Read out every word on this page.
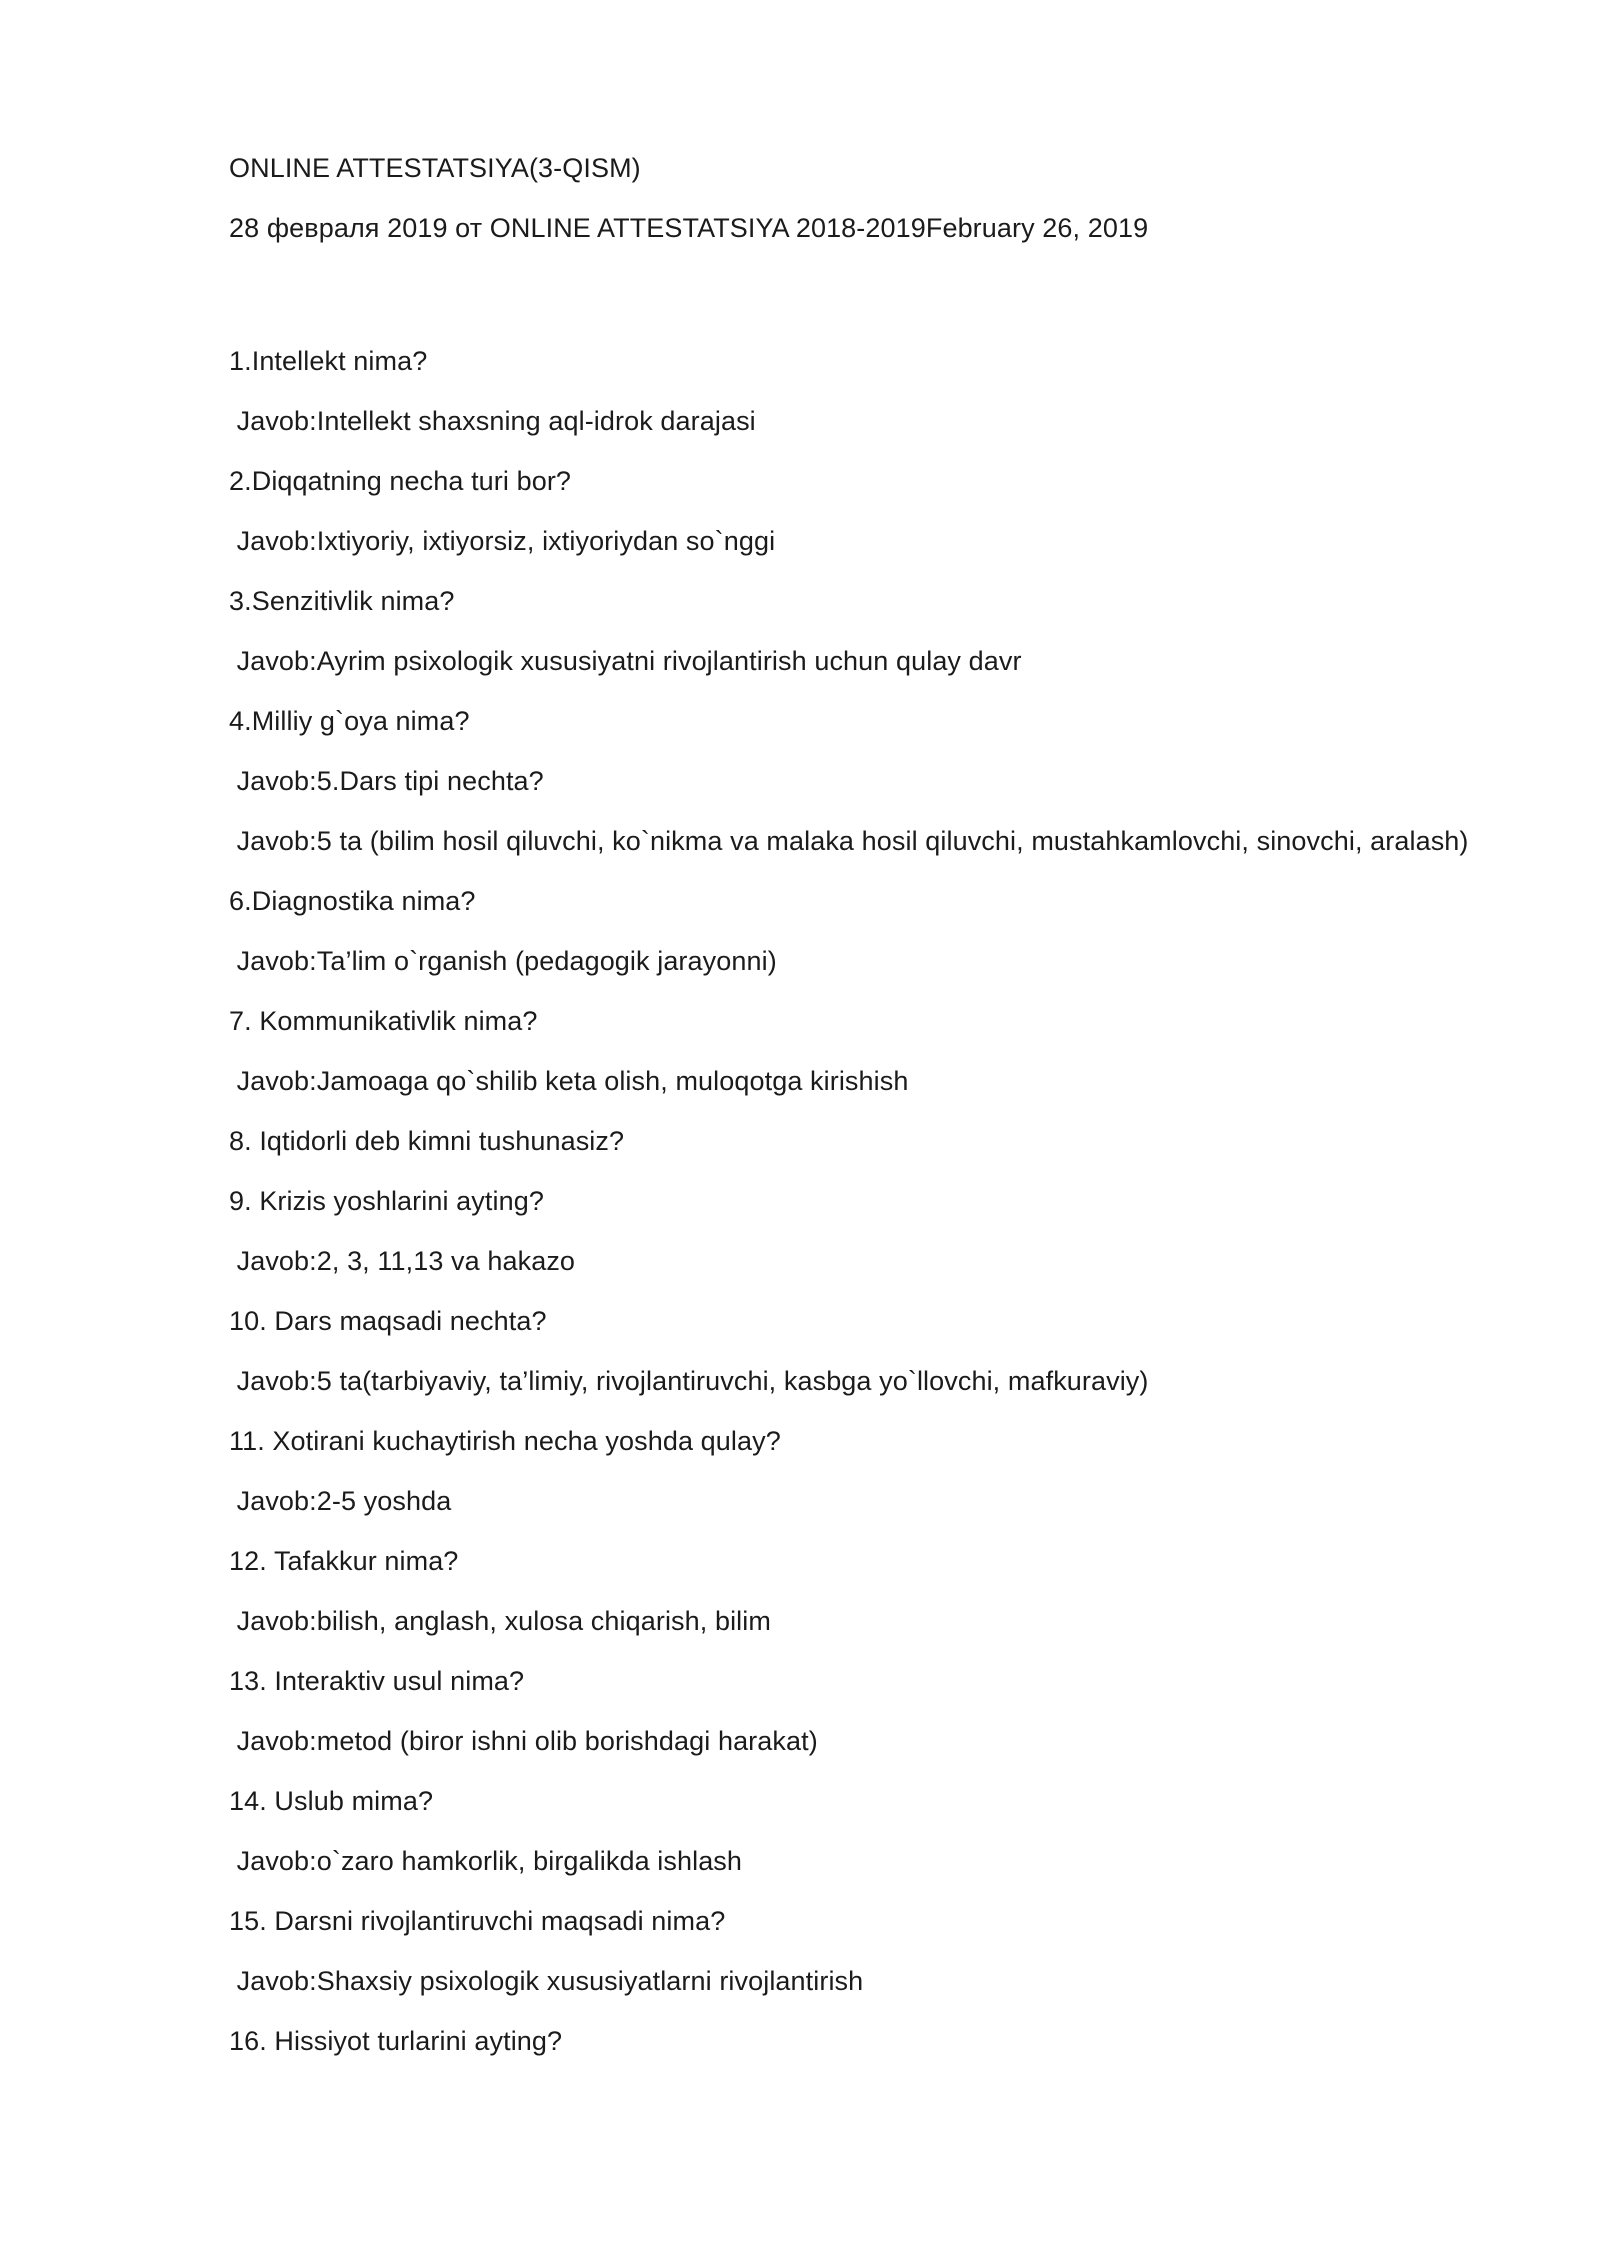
ONLINE ATTESTATSIYA(3-QISM)

28 февраля 2019 от ONLINE ATTESTATSIYA 2018-2019February 26, 2019

1.Intellekt nima?

Javob:Intellekt shaxsning aql-idrok darajasi

2.Diqqatning necha turi bor?

Javob:Ixtiyoriy, ixtiyorsiz, ixtiyoriydan so`nggi

3.Senzitivlik nima?

Javob:Ayrim psixologik xususiyatni rivojlantirish uchun qulay davr

4.Milliy g`oya nima?

Javob:5.Dars tipi nechta?

Javob:5 ta (bilim hosil qiluvchi, ko`nikma va malaka hosil qiluvchi, mustahkamlovchi, sinovchi, aralash)

6.Diagnostika nima?

Javob:Ta’lim o`rganish (pedagogik jarayonni)

7. Kommunikativlik nima?

Javob:Jamoaga qo`shilib keta olish, muloqotga kirishish

8. Iqtidorli deb kimni tushunasiz?

9. Krizis yoshlarini ayting?

Javob:2, 3, 11,13 va hakazo

10. Dars maqsadi nechta?

Javob:5 ta(tarbiyaviy, ta’limiy, rivojlantiruvchi, kasbga yo`llovchi, mafkuraviy)

11. Xotirani kuchaytirish necha yoshda qulay?

Javob:2-5 yoshda

12. Tafakkur nima?

Javob:bilish, anglash, xulosa chiqarish, bilim

13. Interaktiv usul nima?

Javob:metod (biror ishni olib borishdagi harakat)

14. Uslub mima?

Javob:o`zaro hamkorlik, birgalikda ishlash

15. Darsni rivojlantiruvchi maqsadi nima?

Javob:Shaxsiy psixologik xususiyatlarni rivojlantirish

16. Hissiyot turlarini ayting?
